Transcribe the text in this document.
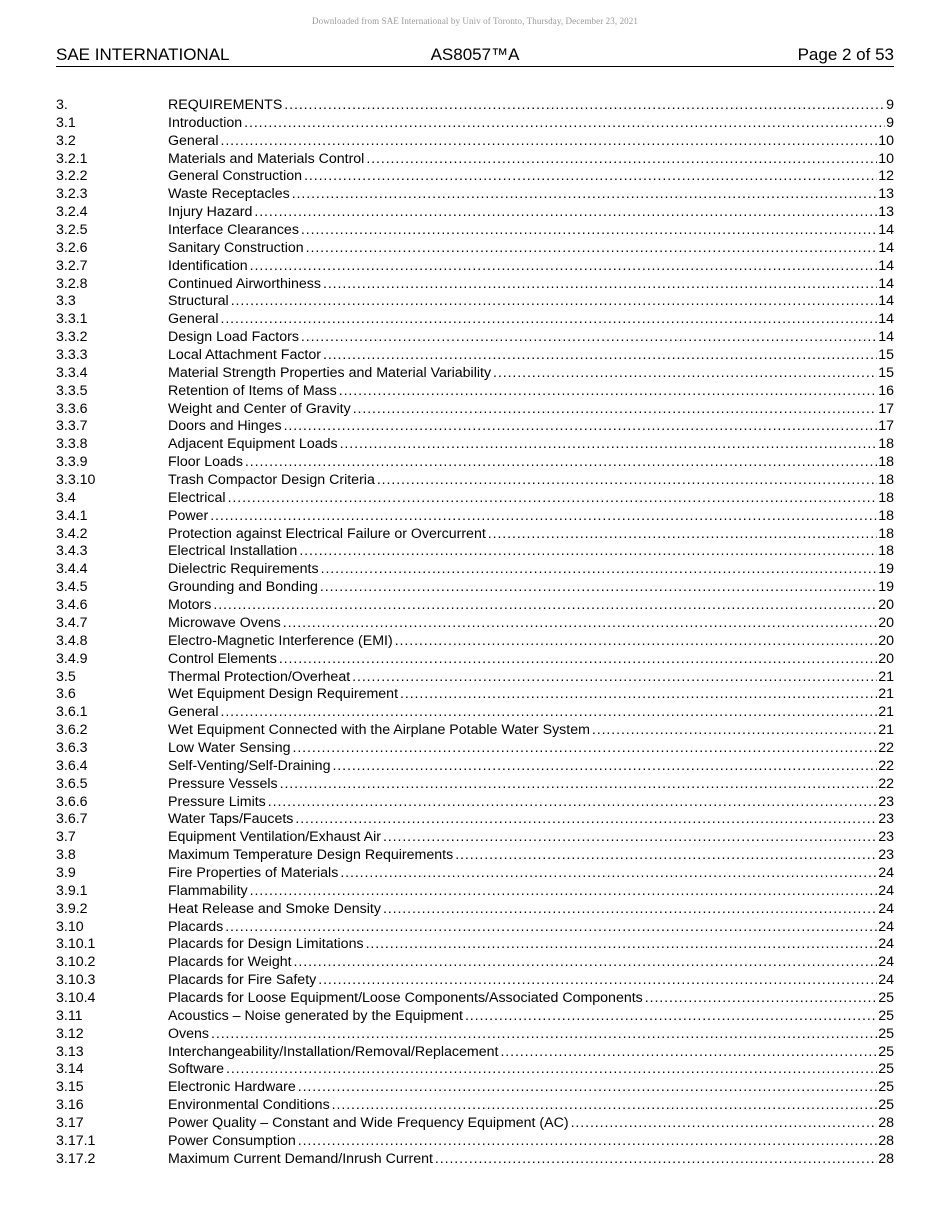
Downloaded from SAE International by Univ of Toronto, Thursday, December 23, 2021
SAE INTERNATIONAL	AS8057™A	Page 2 of 53
3.	REQUIREMENTS .....	9
3.1	Introduction .....	9
3.2	General .....	10
3.2.1	Materials and Materials Control .....	10
3.2.2	General Construction .....	12
3.2.3	Waste Receptacles .....	13
3.2.4	Injury Hazard .....	13
3.2.5	Interface Clearances .....	14
3.2.6	Sanitary Construction .....	14
3.2.7	Identification .....	14
3.2.8	Continued Airworthiness .....	14
3.3	Structural .....	14
3.3.1	General .....	14
3.3.2	Design Load Factors .....	14
3.3.3	Local Attachment Factor .....	15
3.3.4	Material Strength Properties and Material Variability .....	15
3.3.5	Retention of Items of Mass .....	16
3.3.6	Weight and Center of Gravity .....	17
3.3.7	Doors and Hinges .....	17
3.3.8	Adjacent Equipment Loads .....	18
3.3.9	Floor Loads .....	18
3.3.10	Trash Compactor Design Criteria .....	18
3.4	Electrical .....	18
3.4.1	Power .....	18
3.4.2	Protection against Electrical Failure or Overcurrent .....	18
3.4.3	Electrical Installation .....	18
3.4.4	Dielectric Requirements .....	19
3.4.5	Grounding and Bonding .....	19
3.4.6	Motors .....	20
3.4.7	Microwave Ovens .....	20
3.4.8	Electro-Magnetic Interference (EMI) .....	20
3.4.9	Control Elements .....	20
3.5	Thermal Protection/Overheat .....	21
3.6	Wet Equipment Design Requirement .....	21
3.6.1	General .....	21
3.6.2	Wet Equipment Connected with the Airplane Potable Water System .....	21
3.6.3	Low Water Sensing .....	22
3.6.4	Self-Venting/Self-Draining .....	22
3.6.5	Pressure Vessels .....	22
3.6.6	Pressure Limits .....	23
3.6.7	Water Taps/Faucets .....	23
3.7	Equipment Ventilation/Exhaust Air .....	23
3.8	Maximum Temperature Design Requirements .....	23
3.9	Fire Properties of Materials .....	24
3.9.1	Flammability .....	24
3.9.2	Heat Release and Smoke Density .....	24
3.10	Placards .....	24
3.10.1	Placards for Design Limitations .....	24
3.10.2	Placards for Weight .....	24
3.10.3	Placards for Fire Safety .....	24
3.10.4	Placards for Loose Equipment/Loose Components/Associated Components .....	25
3.11	Acoustics – Noise generated by the Equipment .....	25
3.12	Ovens .....	25
3.13	Interchangeability/Installation/Removal/Replacement .....	25
3.14	Software .....	25
3.15	Electronic Hardware .....	25
3.16	Environmental Conditions .....	25
3.17	Power Quality – Constant and Wide Frequency Equipment (AC) .....	28
3.17.1	Power Consumption .....	28
3.17.2	Maximum Current Demand/Inrush Current .....	28
